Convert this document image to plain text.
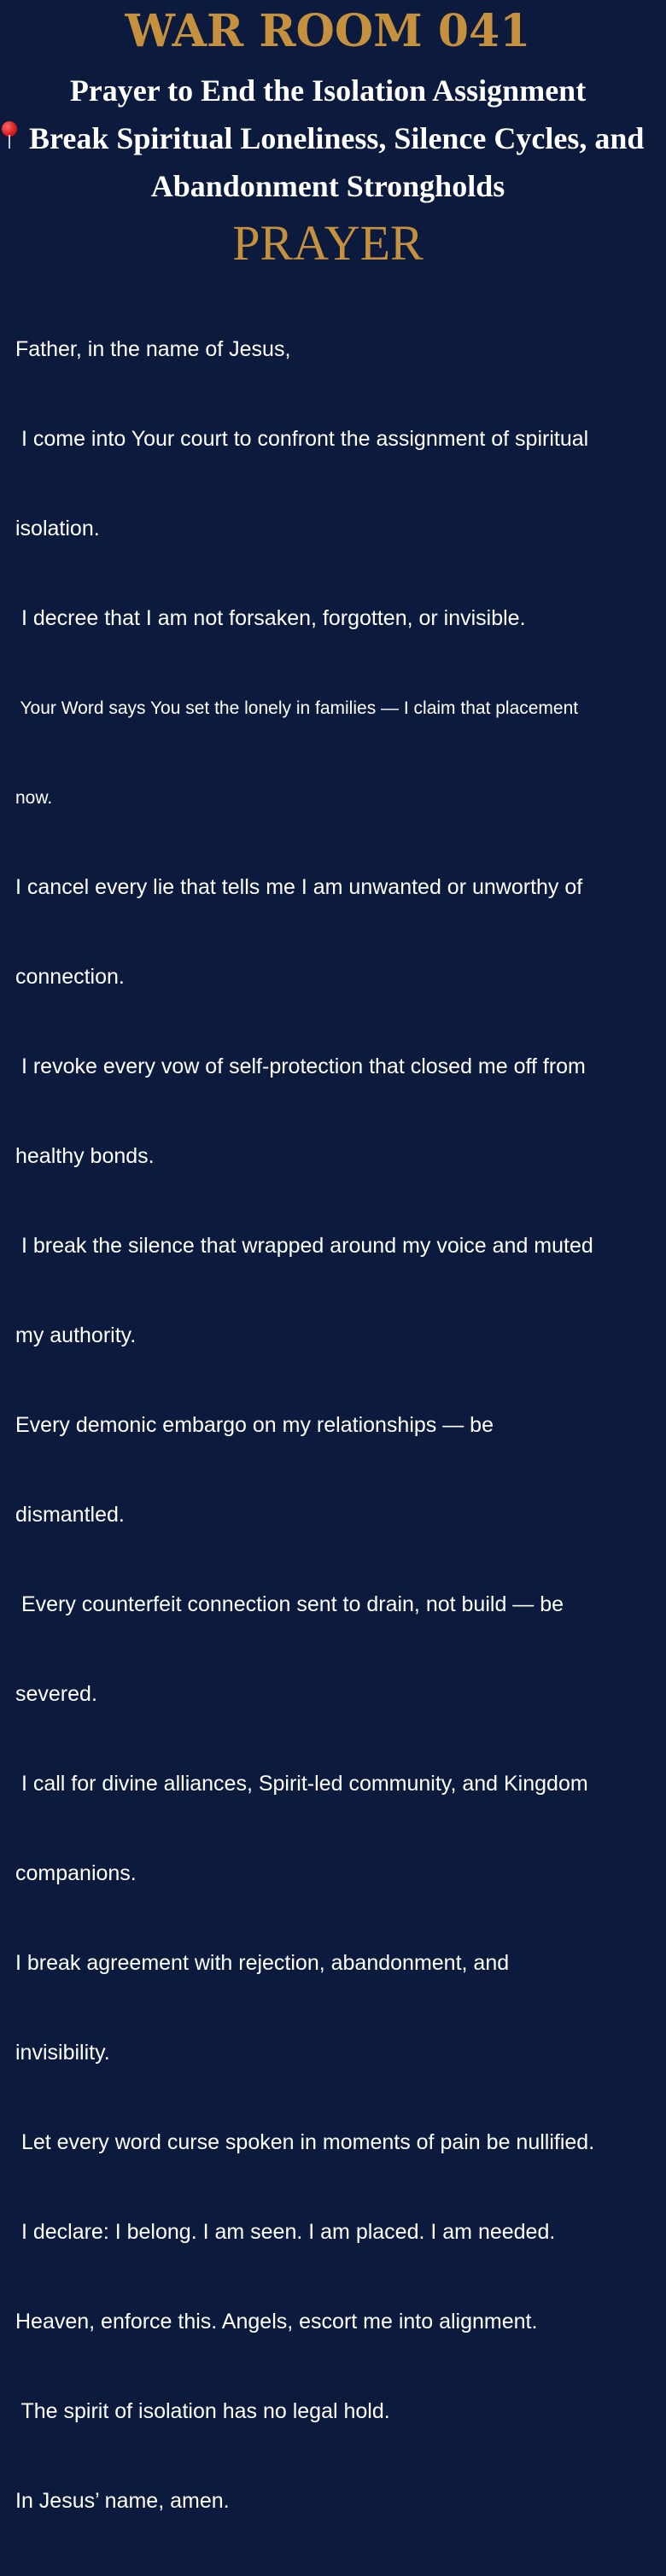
WAR ROOM 041
Prayer to End the Isolation Assignment
Break Spiritual Loneliness, Silence Cycles, and
Abandonment Strongholds
PRAYER

Father, in the name of Jesus,

I come into Your court to confront the assignment of spiritual

isolation.

I decree that I am not forsaken, forgotten, or invisible.

Your Word says You set the lonely in families — I claim that placement

now.

I cancel every lie that tells me I am unwanted or unworthy of

connection.

I revoke every vow of self-protection that closed me off from

healthy bonds.

I break the silence that wrapped around my voice and muted

my authority.

Every demonic embargo on my relationships — be

dismantled.

Every counterfeit connection sent to drain, not build — be

severed.

I call for divine alliances, Spirit-led community, and Kingdom

companions.

I break agreement with rejection, abandonment, and

invisibility.

Let every word curse spoken in moments of pain be nullified.

I declare: I belong. I am seen. I am placed. I am needed.

Heaven, enforce this. Angels, escort me into alignment.

The spirit of isolation has no legal hold.

In Jesus’ name, amen.
